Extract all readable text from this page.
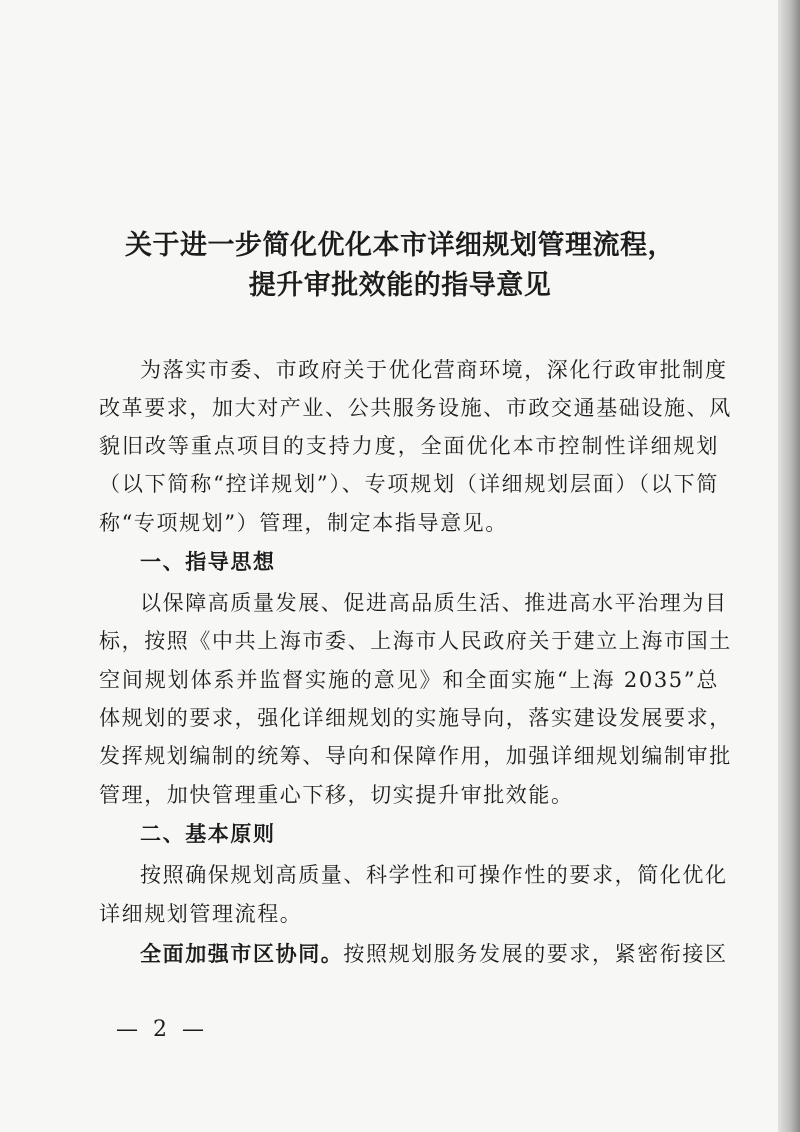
关于进一步简化优化本市详细规划管理流程，
提升审批效能的指导意见
为落实市委、市政府关于优化营商环境，深化行政审批制度
改革要求，加大对产业、公共服务设施、市政交通基础设施、风
貌旧改等重点项目的支持力度，全面优化本市控制性详细规划
（以下简称“控详规划”）、专项规划（详细规划层面）（以下简
称“专项规划”）管理，制定本指导意见。
一、指导思想
以保障高质量发展、促进高品质生活、推进高水平治理为目
标，按照《中共上海市委、上海市人民政府关于建立上海市国土
空间规划体系并监督实施的意见》和全面实施“上海 2035”总
体规划的要求，强化详细规划的实施导向，落实建设发展要求，
发挥规划编制的统筹、导向和保障作用，加强详细规划编制审批
管理，加快管理重心下移，切实提升审批效能。
二、基本原则
按照确保规划高质量、科学性和可操作性的要求，简化优化
详细规划管理流程。
全面加强市区协同。按照规划服务发展的要求，紧密衔接区
— 2 —
